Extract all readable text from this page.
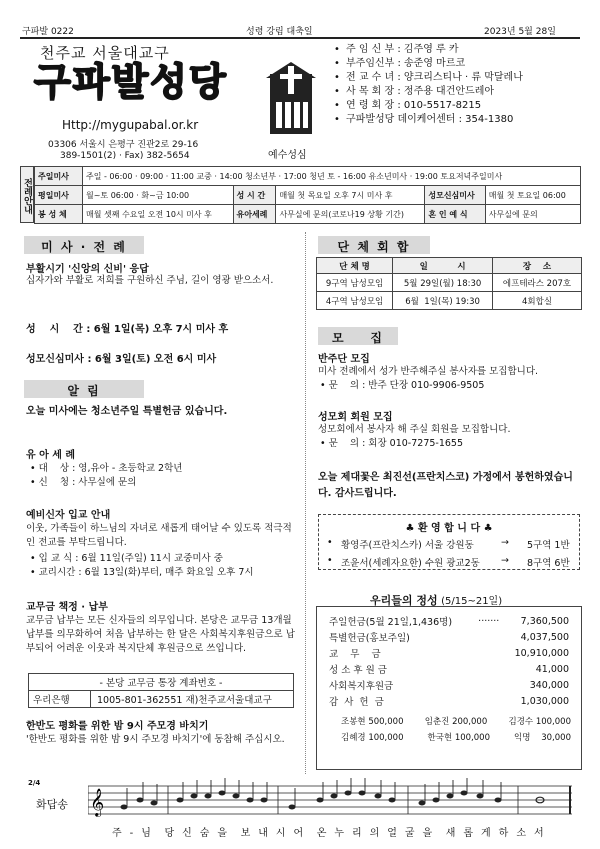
구파발 0222	성령 강림 대축일	2023년 5월 28일
천주교 서울대교구
구파발성당
Http://mygupabal.or.kr
03306 서울시 은평구 진관2로 29-16
389-1501(2) · Fax) 382-5654	예수성심
• 주 임 신 부 : 김주영 루 카
• 부주임신부 : 송준영 마르코
• 전 교 수 녀 : 양크리스티나 · 류 막달레나
• 사 목 회 장 : 정주용 대건안드레아
• 연 령 회 장 : 010-5517-8215
• 구파발성당 데이케어센터 : 354-1380
전례안내
주일미사	주일 - 06:00 · 09:00 · 11:00 교중 · 14:00 청소년부 · 17:00 청년 토 - 16:00 유소년미사 · 19:00 토요저녁주일미사				
평일미사	월~토 06:00 · 화~금 10:00	성 시 간	매월 첫 목요일 오후 7시 미사 후	성모신심미사	매월 첫 토요일 06:00
봉 성 체	매월 셋째 수요일 오전 10시 미사 후	유아세례	사무실에 문의(코로나19 상황 기간)	혼 인 예 식	사무실에 문의
미 사 · 전 례
부활시기 '신앙의 신비' 응답
십자가와 부활로 저희를 구원하신 주님, 길이 영광 받으소서.
성    시    간 : 6월 1일(목) 오후 7시 미사 후
성모신심미사 : 6월 3일(토) 오전 6시 미사
알 림
오늘 미사에는 청소년주일 특별헌금 있습니다.
유 아 세 례
• 대    상 : 영,유아 - 초등학교 2학년
• 신    청 : 사무실에 문의
예비신자 입교 안내
이웃, 가족들이 하느님의 자녀로 새롭게 태어날 수 있도록 적극적인 전교를 부탁드립니다.
• 입 교 식 : 6월 11일(주일) 11시 교중미사 중
• 교리시간 : 6월 13일(화)부터, 매주 화요일 오후 7시
교무금 책정 · 납부
교무금 납부는 모든 신자들의 의무입니다. 본당은 교무금 13개월 납부를 의무화하여 처음 납부하는 한 달은 사회복지후원금으로 납부되어 어려운 이웃과 복지단체 후원금으로 쓰입니다.
- 본당 교무금 통장 계좌번호 -
우리은행	1005-801-362551 재)천주교서울대교구
한반도 평화를 위한 밤 9시 주모경 바치기
'한반도 평화를 위한 밤 9시 주모경 바치기'에 동참해 주십시오.
단 체 회 합
단 체 명	일          시	장    소
9구역 남성모임	5월 29일(월) 18:30	에프테라스 207호
4구역 남성모임	6월  1일(목) 19:30	4회합실
모    집
반주단 모집
미사 전례에서 성가 반주해주실 봉사자를 모집합니다.
• 문    의 : 반주 단장 010-9906-9505
성모회 회원 모집
성모회에서 봉사자 해 주실 회원을 모집합니다.
• 문    의 : 회장 010-7275-1655
오늘 제대꽃은 최진선(프란치스코) 가정에서 봉헌하였습니다. 감사드립니다.
♣ 환 영 합 니 다 ♣
• 황영주(프란치스카) 서울 강원동	→	5구역 1반
• 조윤서(세례자요한) 수원 광교2동	→	8구역 6반
우리들의 정성 (5/15~21일)
주일헌금(5월 21일,1,436명)	·······	7,360,500
특별헌금(홍보주일)		4,037,500
교    무    금		10,910,000
성 소 후 원 금		41,000
사회복지후원금		340,000
감  사  헌  금		1,030,000
조봉현 500,000	임춘진 200,000	김경수 100,000
김혜경 100,000	한국현 100,000	익명    30,000
화답송 𝄞
2/4
주 - 님  당 신 숨 을  보 내 시 어  온 누 리 의 얼 굴 을  새 롭 게 하 소 서
